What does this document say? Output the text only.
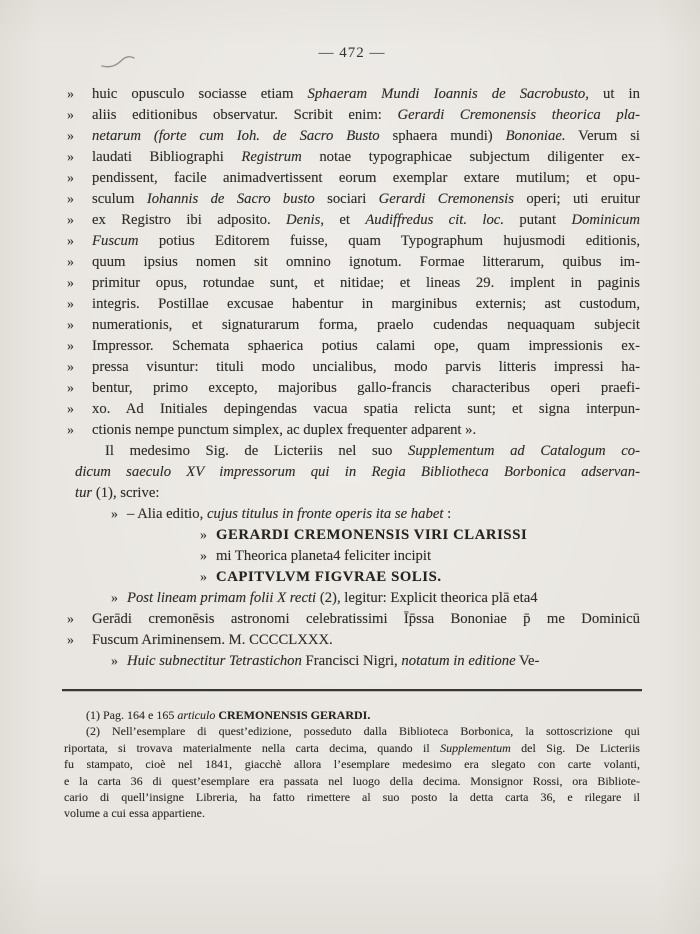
— 472 —
» huic opusculo sociasse etiam Sphaeram Mundi Ioannis de Sacrobusto, ut in
» aliis editionibus observatur. Scribit enim: Gerardi Cremonensis theorica pla-
» netarum (forte cum Ioh. de Sacro Busto sphaera mundi) Bononiae. Verum si
» laudati Bibliographi Registrum notae typographicae subjectum diligenter ex-
» pendissent, facile animadvertissent eorum exemplar extare mutilum; et opu-
» sculum Iohannis de Sacro busto sociari Gerardi Cremonensis operi; uti eruitur
» ex Registro ibi adposito. Denis, et Audiffredus cit. loc. putant Dominicum
» Fuscum potius Editorem fuisse, quam Typographum hujusmodi editionis,
» quum ipsius nomen sit omnino ignotum. Formae litterarum, quibus im-
» primitur opus, rotundae sunt, et nitidae; et lineas 29. implent in paginis
» integris. Postillae excusae habentur in marginibus externis; ast custodum,
» numerationis, et signaturarum forma, praelo cudendas nequaquam subjecit
» Impressor. Schemata sphaerica potius calami ope, quam impressionis ex-
» pressa visuntur: tituli modo uncialibus, modo parvis litteris impressi ha-
» bentur, primo excepto, majoribus gallo-francis characteribus operi praefi-
» xo. Ad Initiales depingendas vacua spatia relicta sunt; et signa interpun-
» ctionis nempe punctum simplex, ac duplex frequenter adparent ».
Il medesimo Sig. de Licteriis nel suo Supplementum ad Catalogum co-
dicum saeculo XV impressorum qui in Regia Bibliotheca Borbonica adservan-
tur (1), scrive:
» – Alia editio, cujus titulus in fronte operis ita se habet :
» GERARDI CREMONENSIS VIRI CLARISSI
» mi Theorica planeta4 feliciter incipit
» CAPITVLVM FIGVRAE SOLIS.
» Post lineam primam folii X recti (2), legitur: Explicit theorica plā eta4
» Gerādi cremonēsis astronomi celebratissimi Īp̄ssa Bononiae p̄ me Dominicū
» Fuscum Ariminensem. M. CCCCLXXX.
» Huic subnectitur Tetrastichon Francisci Nigri, notatum in editione Ve-
(1) Pag. 164 e 165 articulo CREMONENSIS GERARDI.
(2) Nell’esemplare di quest’edizione, posseduto dalla Biblioteca Borbonica, la sottoscrizione qui
riportata, si trovava materialmente nella carta decima, quando il Supplementum del Sig. De Licteriis
fu stampato, cioè nel 1841, giacchè allora l’esemplare medesimo era slegato con carte volanti,
e la carta 36 di quest’esemplare era passata nel luogo della decima. Monsignor Rossi, ora Bibliote-
cario di quell’insigne Libreria, ha fatto rimettere al suo posto la detta carta 36, e rilegare il
volume a cui essa appartiene.
